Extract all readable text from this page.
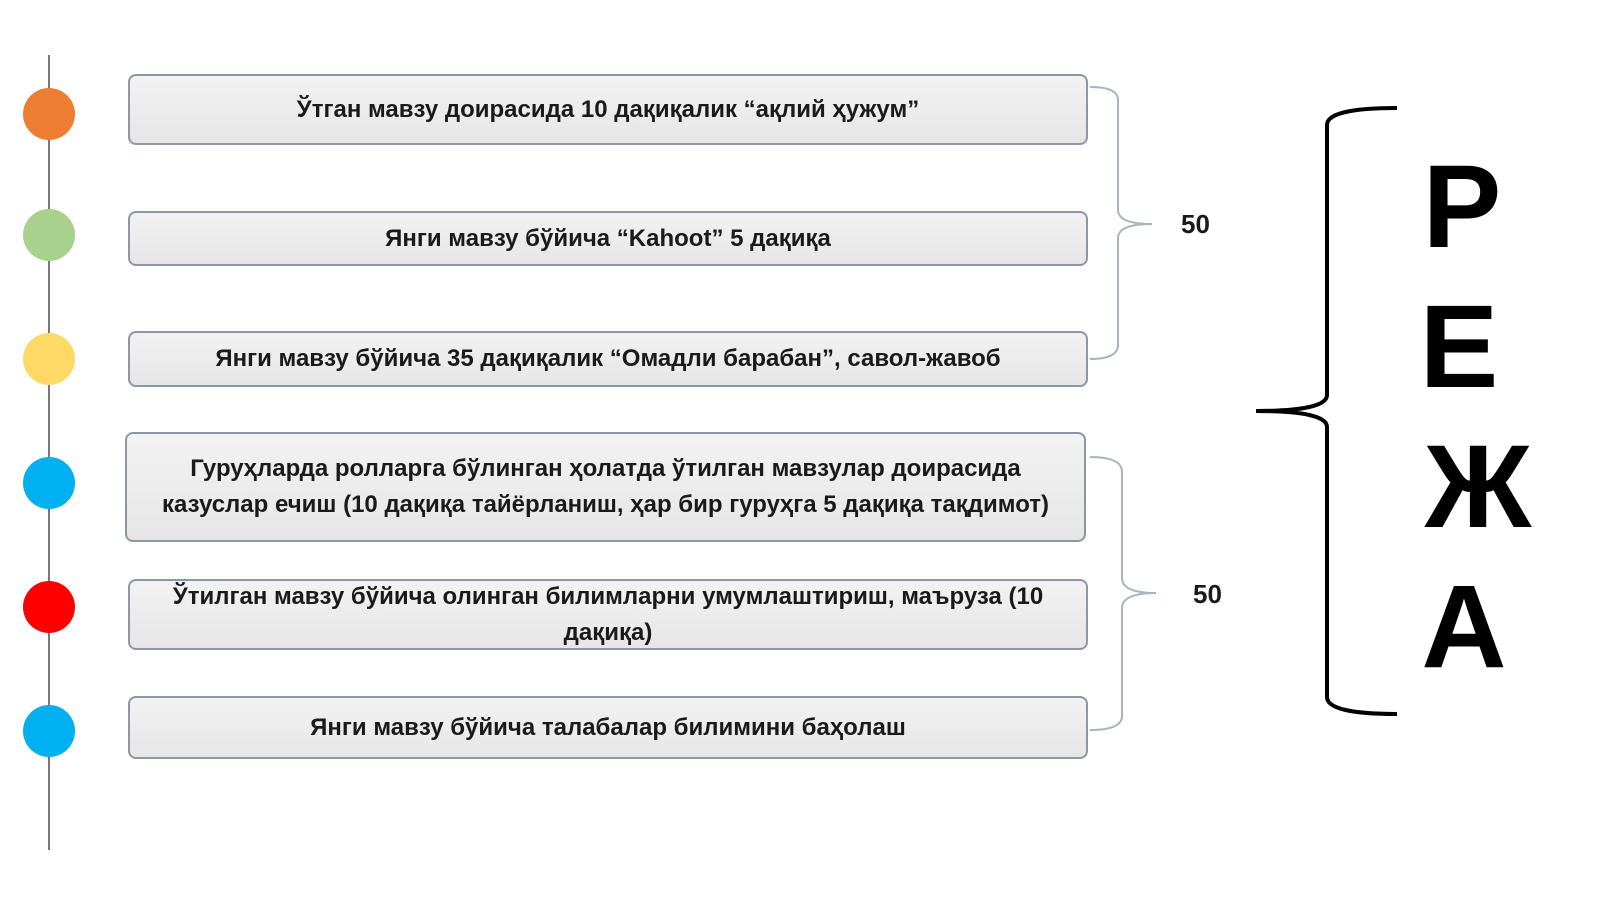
Ўтган мавзу доирасида 10 дақиқалик “ақлий ҳужум”
Янги мавзу бўйича “Kahoot” 5 дақиқа
Янги мавзу бўйича 35 дақиқалик “Омадли барабан”, савол-жавоб
Гуруҳларда ролларга бўлинган ҳолатда ўтилган мавзулар доирасида казуслар ечиш (10 дақиқа тайёрланиш, ҳар бир гуруҳга 5 дақиқа тақдимот)
Ўтилган мавзу бўйича олинган билимларни умумлаштириш, маъруза (10 дақиқа)
Янги мавзу бўйича талабалар билимини баҳолаш
50
50
Р
Е
Ж
А
